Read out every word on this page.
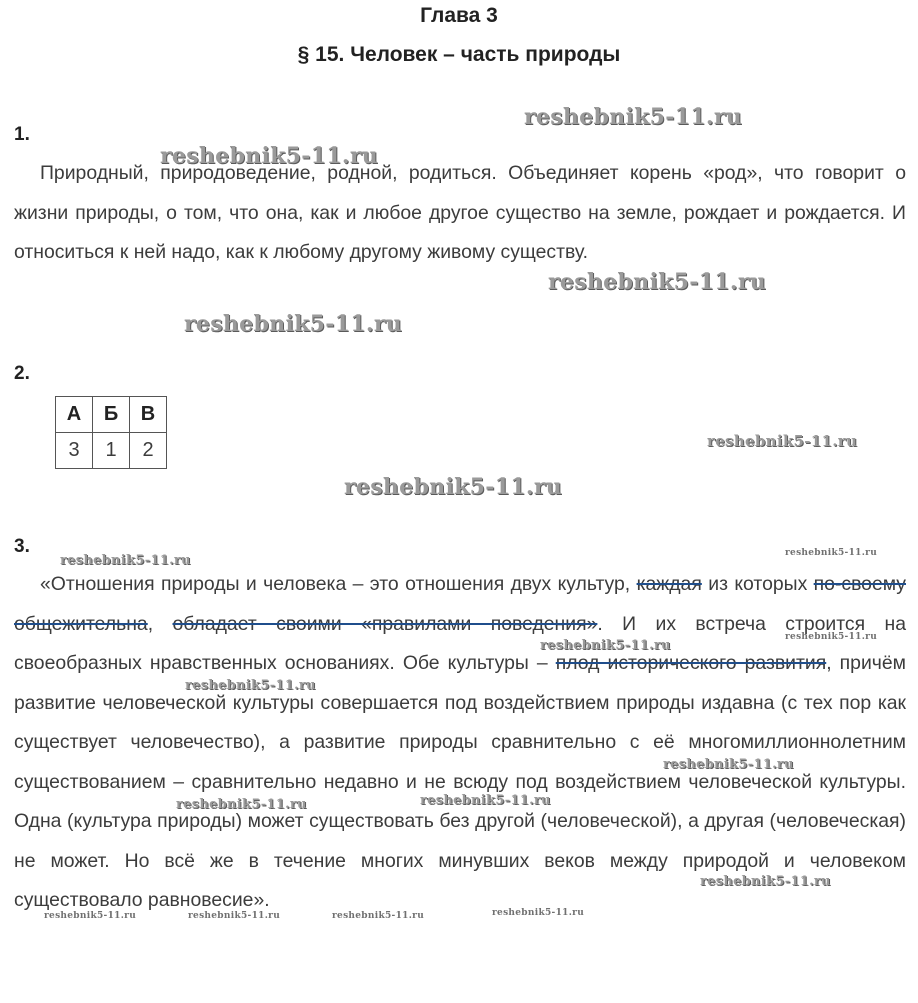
Глава 3
§ 15. Человек – часть природы
1.

Природный, природоведение, родной, родиться. Объединяет корень «род», что говорит о жизни природы, о том, что она, как и любое другое существо на земле, рождает и рождается. И относиться к ней надо, как к любому другому живому существу.

2.
А	Б	В
3	1	2
3.

«Отношения природы и человека – это отношения двух культур, каждая из которых по-своему общежительна, обладает своими «правилами поведения». И их встреча строится на своеобразных нравственных основаниях. Обе культуры – плод исторического развития, причём развитие человеческой культуры совершается под воздействием природы издавна (с тех пор как существует человечество), а развитие природы сравнительно с её многомиллионнолетним существованием – сравнительно недавно и не всюду под воздействием человеческой культуры. Одна (культура природы) может существовать без другой (человеческой), а другая (человеческая) не может. Но всё же в течение многих минувших веков между природой и человеком существовало равновесие».

reshebnik5-11.ru
reshebnik5-11.ru
reshebnik5-11.ru
reshebnik5-11.ru
reshebnik5-11.ru
reshebnik5-11.ru
reshebnik5-11.ru	reshebnik5-11.ru
reshebnik5-11.ru
reshebnik5-11.ru
reshebnik5-11.ru
reshebnik5-11.ru
reshebnik5-11.ru	reshebnik5-11.ru
reshebnik5-11.ru
reshebnik5-11.ru	reshebnik5-11.ru	reshebnik5-11.ru	reshebnik5-11.ru
